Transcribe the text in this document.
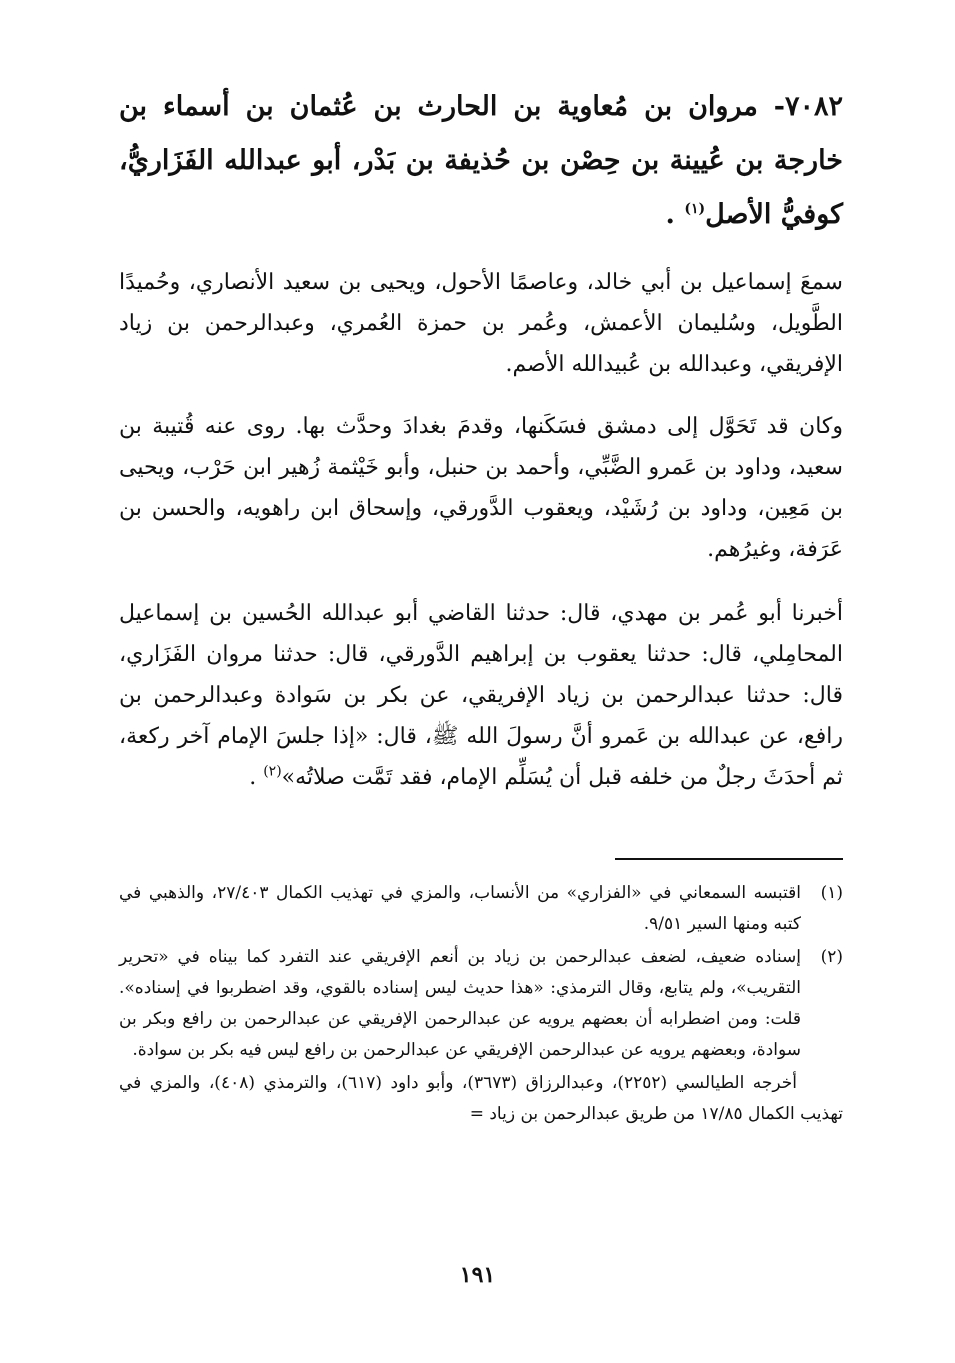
٧٠٨٢- مروان بن مُعاوية بن الحارث بن عُثمان بن أسماء بن خارجة بن عُيينة بن حِصْن بن حُذيفة بن بَدْر، أبو عبدالله الفَزَاريُّ، كوفيُّ الأصل$^{(١)}$ .

سمعَ إسماعيل بن أبي خالد، وعاصمًا الأحول، ويحيى بن سعيد الأنصاري، وحُميدًا الطَّويل، وسُليمان الأعمش، وعُمر بن حمزة العُمري، وعبدالرحمن بن زياد الإفريقي، وعبدالله بن عُبيدالله الأصم.

وكان قد تَحَوَّل إلى دمشق فسَكَنها، وقدمَ بغدادَ وحدَّث بها. روى عنه قُتيبة بن سعيد، وداود بن عَمرو الضَّبِّي، وأحمد بن حنبل، وأبو خَيْثمة زُهير ابن حَرْب، ويحيى بن مَعِين، وداود بن رُشَيْد، ويعقوب الدَّورقي، وإسحاق ابن راهويه، والحسن بن عَرَفة، وغيرُهم.

أخبرنا أبو عُمر بن مهدي، قال: حدثنا القاضي أبو عبدالله الحُسين بن إسماعيل المحامِلي، قال: حدثنا يعقوب بن إبراهيم الدَّورقي، قال: حدثنا مروان الفَزَاري، قال: حدثنا عبدالرحمن بن زياد الإفريقي، عن بكر بن سَوادة وعبدالرحمن بن رافع، عن عبدالله بن عَمرو أنَّ رسولَ الله ﷺ، قال: «إذا جلسَ الإمام آخر ركعة، ثم أحدَثَ رجلٌ من خلفه قبل أن يُسَلِّم الإمام، فقد تَمَّت صلاتُه»$^{(٢)}$ .

(١)
اقتبسه السمعاني في «الفزاري» من الأنساب، والمزي في تهذيب الكمال ٢٧/٤٠٣، والذهبي في كتبه ومنها السير ٩/٥١.
(٢)
إسناده ضعيف، لضعف عبدالرحمن بن زياد بن أنعم الإفريقي عند التفرد كما بيناه في «تحرير التقريب»، ولم يتابع، وقال الترمذي: «هذا حديث ليس إسناده بالقوي، وقد اضطربوا في إسناده». قلت: ومن اضطرابه أن بعضهم يرويه عن عبدالرحمن الإفريقي عن عبدالرحمن بن رافع وبكر بن سوادة، وبعضهم يرويه عن عبدالرحمن الإفريقي عن عبدالرحمن بن رافع ليس فيه بكر بن سوادة.

أخرجه الطيالسي (٢٢٥٢)، وعبدالرزاق (٣٦٧٣)، وأبو داود (٦١٧)، والترمذي (٤٠٨)، والمزي في تهذيب الكمال ١٧/٨٥ من طريق عبدالرحمن بن زياد =

١٩١
